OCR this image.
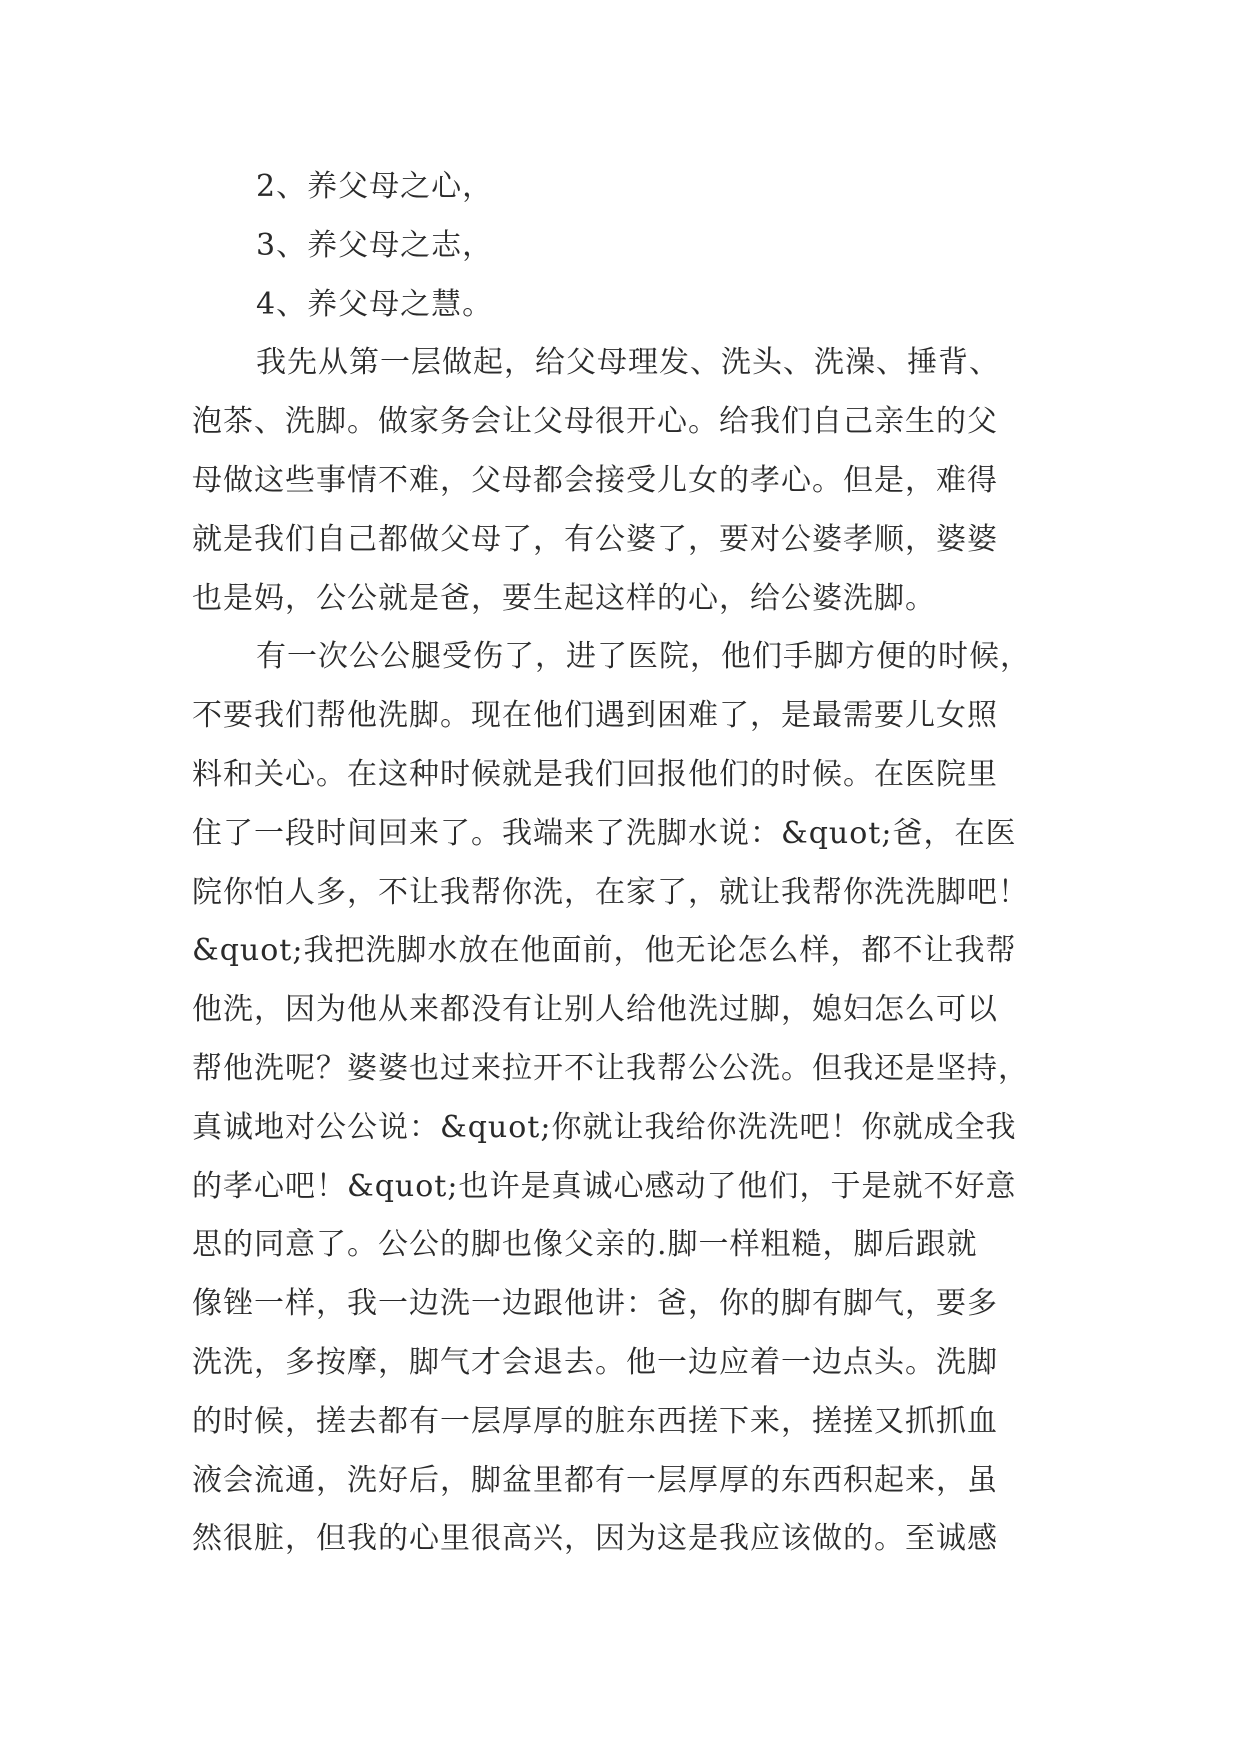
2、养父母之心，
3、养父母之志，
4、养父母之慧。
我先从第一层做起，给父母理发、洗头、洗澡、捶背、
泡茶、洗脚。做家务会让父母很开心。给我们自己亲生的父
母做这些事情不难，父母都会接受儿女的孝心。但是，难得
就是我们自己都做父母了，有公婆了，要对公婆孝顺，婆婆
也是妈，公公就是爸，要生起这样的心，给公婆洗脚。
有一次公公腿受伤了，进了医院，他们手脚方便的时候，
不要我们帮他洗脚。现在他们遇到困难了，是最需要儿女照
料和关心。在这种时候就是我们回报他们的时候。在医院里
住了一段时间回来了。我端来了洗脚水说：&quot;爸，在医
院你怕人多，不让我帮你洗，在家了，就让我帮你洗洗脚吧！
&quot;我把洗脚水放在他面前，他无论怎么样，都不让我帮
他洗，因为他从来都没有让别人给他洗过脚，媳妇怎么可以
帮他洗呢？婆婆也过来拉开不让我帮公公洗。但我还是坚持，
真诚地对公公说：&quot;你就让我给你洗洗吧！你就成全我
的孝心吧！&quot;也许是真诚心感动了他们，于是就不好意
思的同意了。公公的脚也像父亲的.脚一样粗糙，脚后跟就
像锉一样，我一边洗一边跟他讲：爸，你的脚有脚气，要多
洗洗，多按摩，脚气才会退去。他一边应着一边点头。洗脚
的时候，搓去都有一层厚厚的脏东西搓下来，搓搓又抓抓血
液会流通，洗好后，脚盆里都有一层厚厚的东西积起来，虽
然很脏，但我的心里很高兴，因为这是我应该做的。至诚感
